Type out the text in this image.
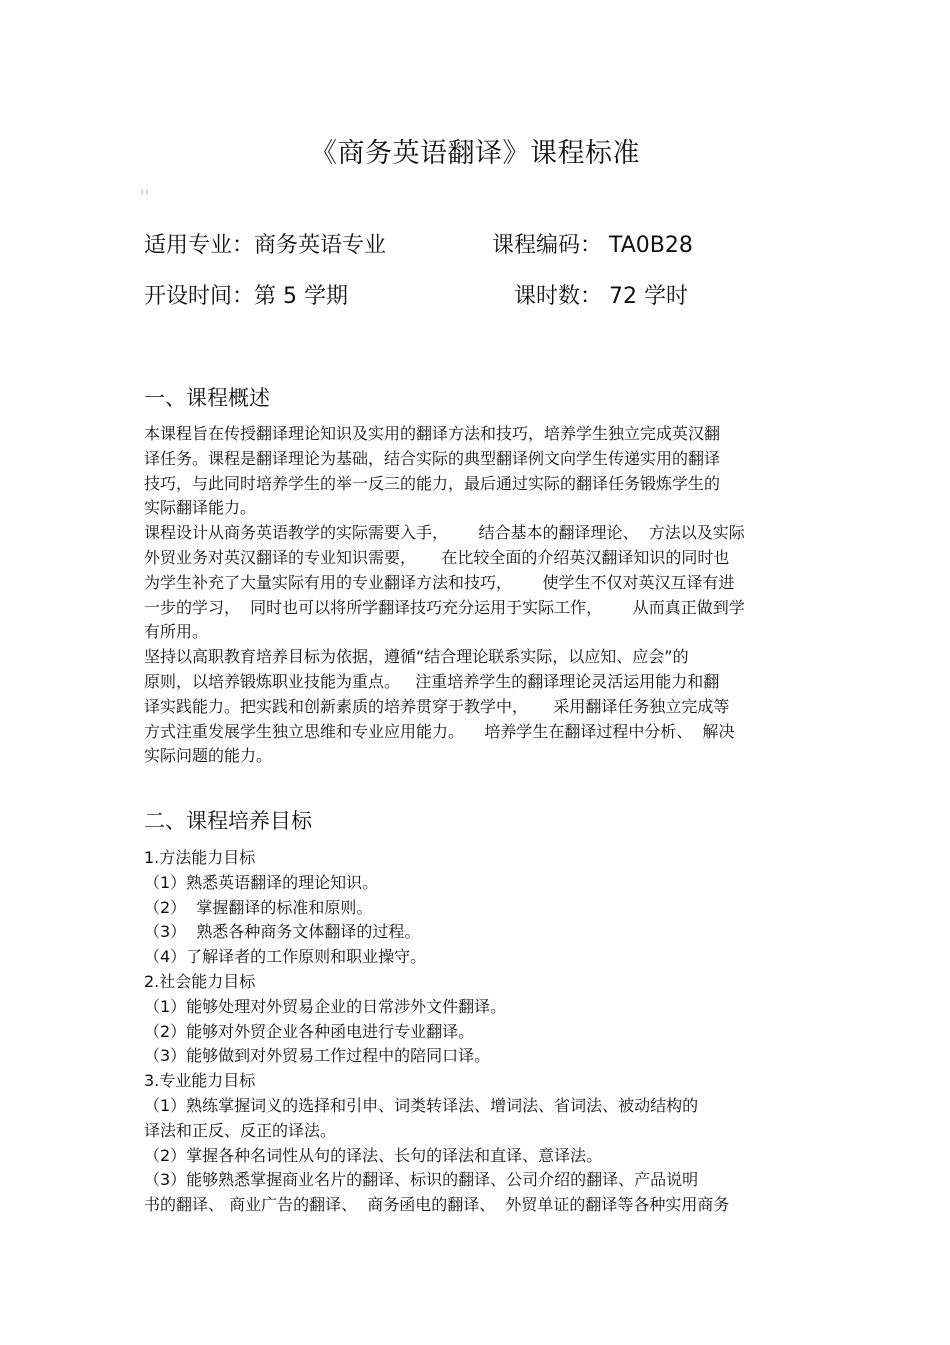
《商务英语翻译》课程标准
l l
适用专业：商务英语专业	课程编码： TA0B28
开设时间：第 5 学期	课时数： 72 学时
一、课程概述
本课程旨在传授翻译理论知识及实用的翻译方法和技巧，培养学生独立完成英汉翻
译任务。课程是翻译理论为基础，结合实际的典型翻译例文向学生传递实用的翻译
技巧，与此同时培养学生的举一反三的能力，最后通过实际的翻译任务锻炼学生的
实际翻译能力。
课程设计从商务英语教学的实际需要入手，      结合基本的翻译理论、  方法以及实际
外贸业务对英汉翻译的专业知识需要，     在比较全面的介绍英汉翻译知识的同时也
为学生补充了大量实际有用的专业翻译方法和技巧，      使学生不仅对英汉互译有进
一步的学习，  同时也可以将所学翻译技巧充分运用于实际工作，      从而真正做到学
有所用。
坚持以高职教育培养目标为依据，遵循“结合理论联系实际，以应知、应会”的
原则，以培养锻炼职业技能为重点。   注重培养学生的翻译理论灵活运用能力和翻
译实践能力。把实践和创新素质的培养贯穿于教学中，     采用翻译任务独立完成等
方式注重发展学生独立思维和专业应用能力。    培养学生在翻译过程中分析、  解决
实际问题的能力。
二、课程培养目标
1.方法能力目标
（1）熟悉英语翻译的理论知识。
（2）  掌握翻译的标准和原则。
（3）  熟悉各种商务文体翻译的过程。
（4）了解译者的工作原则和职业操守。
2.社会能力目标
（1）能够处理对外贸易企业的日常涉外文件翻译。
（2）能够对外贸企业各种函电进行专业翻译。
（3）能够做到对外贸易工作过程中的陪同口译。
3.专业能力目标
（1）熟练掌握词义的选择和引申、词类转译法、增词法、省词法、被动结构的
译法和正反、反正的译法。
（2）掌握各种名词性从句的译法、长句的译法和直译、意译法。
（3）能够熟悉掌握商业名片的翻译、标识的翻译、公司介绍的翻译、产品说明
书的翻译、 商业广告的翻译、  商务函电的翻译、  外贸单证的翻译等各种实用商务
